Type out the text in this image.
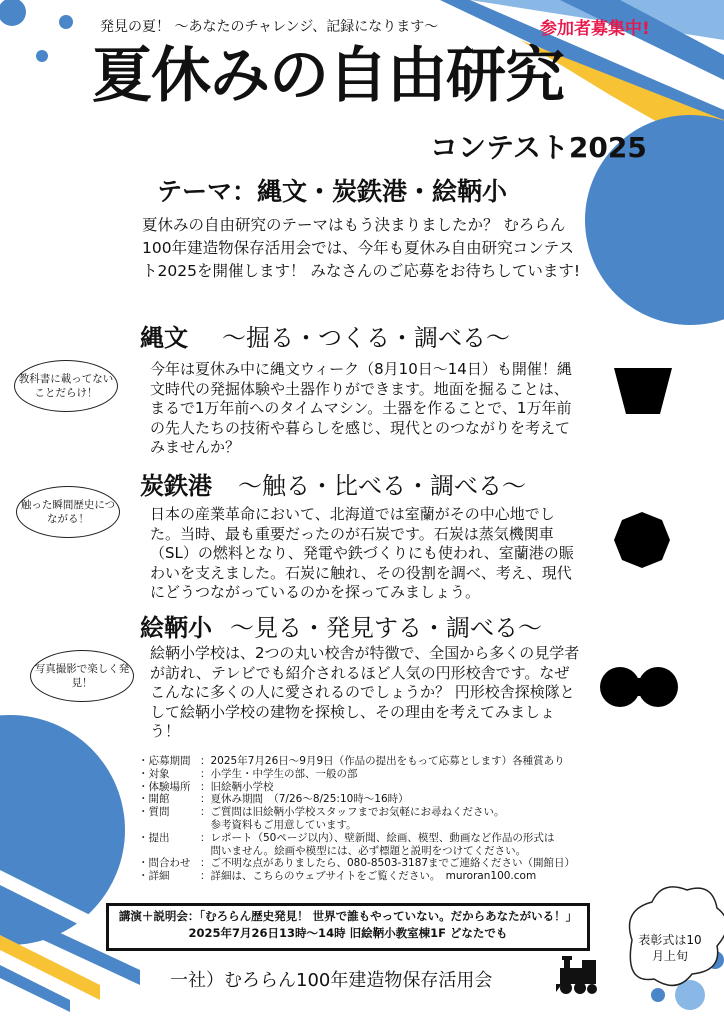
発見の夏！ 〜あなたのチャレンジ、記録になります〜	参加者募集中!
夏休みの自由研究
コンテスト2025
テーマ：縄文・炭鉄港・絵鞆小
夏休みの自由研究のテーマはもう決まりましたか？ むろらん100年建造物保存活用会では、今年も夏休み自由研究コンテスト2025を開催します！ みなさんのご応募をお待ちしています!
縄文 〜掘る・つくる・調べる〜
今年は夏休み中に縄文ウィーク（8月10日〜14日）も開催！縄文時代の発掘体験や土器作りができます。地面を掘ることは、まるで1万年前へのタイムマシン。土器を作ることで、1万年前の先人たちの技術や暮らしを感じ、現代とのつながりを考えてみませんか？
教科書に載ってないことだらけ！
炭鉄港 〜触る・比べる・調べる〜
日本の産業革命において、北海道では室蘭がその中心地でした。当時、最も重要だったのが石炭です。石炭は蒸気機関車（SL）の燃料となり、発電や鉄づくりにも使われ、室蘭港の賑わいを支えました。石炭に触れ、その役割を調べ、考え、現代にどうつながっているのかを探ってみましょう。
触った瞬間歴史につながる！
絵鞆小 〜見る・発見する・調べる〜
絵鞆小学校は、2つの丸い校舎が特徴で、全国から多くの見学者が訪れ、テレビでも紹介されるほど人気の円形校舎です。なぜこんなに多くの人に愛されるのでしょうか？ 円形校舎探検隊として絵鞆小学校の建物を探検し、その理由を考えてみましょう！
写真撮影で楽しく発見！
・応募期間 ：2025年7月26日〜9月9日（作品の提出をもって応募とします）各種賞あり
・対象	：小学生・中学生の部、一般の部
・体験場所 ：旧絵鞆小学校
・開館	：夏休み期間　（7/26〜8/25:10時〜16時）
・質問	：ご質問は旧絵鞆小学校スタッフまでお気軽にお尋ねください。
　参考資料もご用意しています。
・提出	：レポート（50ページ以内）、壁新聞、絵画、模型、動画など作品の形式は
　問いません。絵画や模型には、必ず標題と説明をつけてください。
・問合わせ ：ご不明な点がありましたら、080-8503-3187までご連絡ください（開館日）
・詳細	：詳細は、こちらのウェブサイトをご覧ください。　muroran100.com
講演＋説明会：「むろらん歴史発見！ 世界で誰もやっていない。だからあなたがいる！」
2025年7月26日13時〜14時 旧絵鞆小教室棟1F どなたでも
一社）むろらん100年建造物保存活用会
表彰式は10月上旬
